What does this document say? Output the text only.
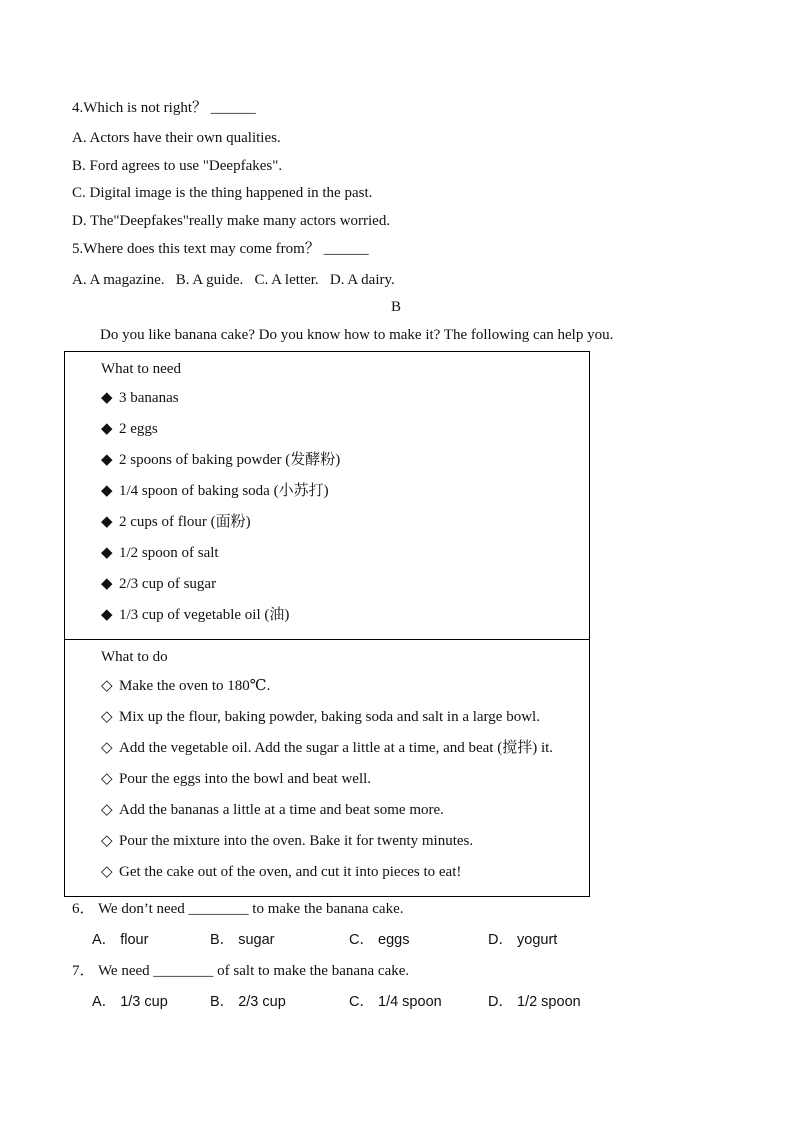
4.Which is not right？ ______
A. Actors have their own qualities.
B. Ford agrees to use "Deepfakes".
C. Digital image is the thing happened in the past.
D. The"Deepfakes"really make many actors worried.
5.Where does this text may come from？ ______
A. A magazine. B. A guide. C. A letter. D. A dairy.
B
Do you like banana cake? Do you know how to make it? The following can help you.
What to need
◆ 3 bananas
◆ 2 eggs
◆ 2 spoons of baking powder (发酵粉)
◆ 1/4 spoon of baking soda (小苏打)
◆ 2 cups of flour (面粉)
◆ 1/2 spoon of salt
◆ 2/3 cup of sugar
◆ 1/3 cup of vegetable oil (油)
What to do
◇ Make the oven to 180℃.
◇ Mix up the flour, baking powder, baking soda and salt in a large bowl.
◇ Add the vegetable oil. Add the sugar a little at a time, and beat (搅拌) it.
◇ Pour the eggs into the bowl and beat well.
◇ Add the bananas a little at a time and beat some more.
◇ Pour the mixture into the oven. Bake it for twenty minutes.
◇ Get the cake out of the oven, and cut it into pieces to eat!
6． We don’t need ________ to make the banana cake.
A． flour	B． sugar	C． eggs	D． yogurt
7． We need ________ of salt to make the banana cake.
A． 1/3 cup	B． 2/3 cup	C． 1/4 spoon	D． 1/2 spoon
